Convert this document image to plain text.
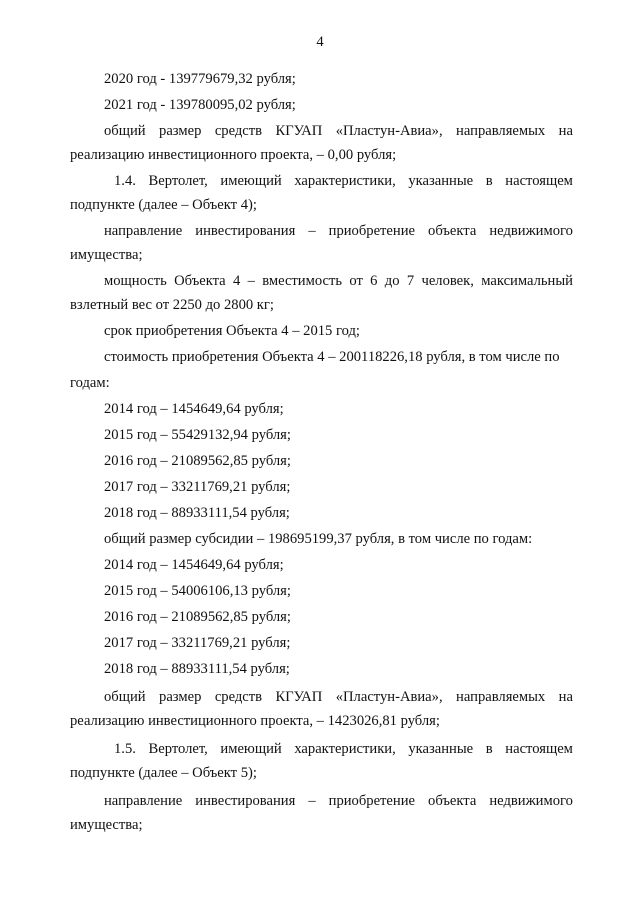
4
2020 год - 139779679,32 рубля;
2021 год - 139780095,02 рубля;
общий размер средств КГУАП «Пластун-Авиа», направляемых на
реализацию инвестиционного проекта, – 0,00 рубля;
1.4. Вертолет, имеющий характеристики, указанные в настоящем
подпункте (далее – Объект 4);
направление инвестирования – приобретение объекта недвижимого
имущества;
мощность Объекта 4 – вместимость от 6 до 7 человек, максимальный
взлетный вес от 2250 до 2800 кг;
срок приобретения Объекта 4 – 2015 год;
стоимость приобретения Объекта 4 – 200118226,18 рубля, в том числе по
годам:
2014 год – 1454649,64 рубля;
2015 год – 55429132,94 рубля;
2016 год – 21089562,85 рубля;
2017 год – 33211769,21 рубля;
2018 год – 88933111,54 рубля;
общий размер субсидии – 198695199,37 рубля, в том числе по годам:
2014 год – 1454649,64 рубля;
2015 год – 54006106,13 рубля;
2016 год – 21089562,85 рубля;
2017 год – 33211769,21 рубля;
2018 год – 88933111,54 рубля;
общий размер средств КГУАП «Пластун-Авиа», направляемых на
реализацию инвестиционного проекта, – 1423026,81 рубля;
1.5. Вертолет, имеющий характеристики, указанные в настоящем
подпункте (далее – Объект 5);
направление инвестирования – приобретение объекта недвижимого
имущества;
